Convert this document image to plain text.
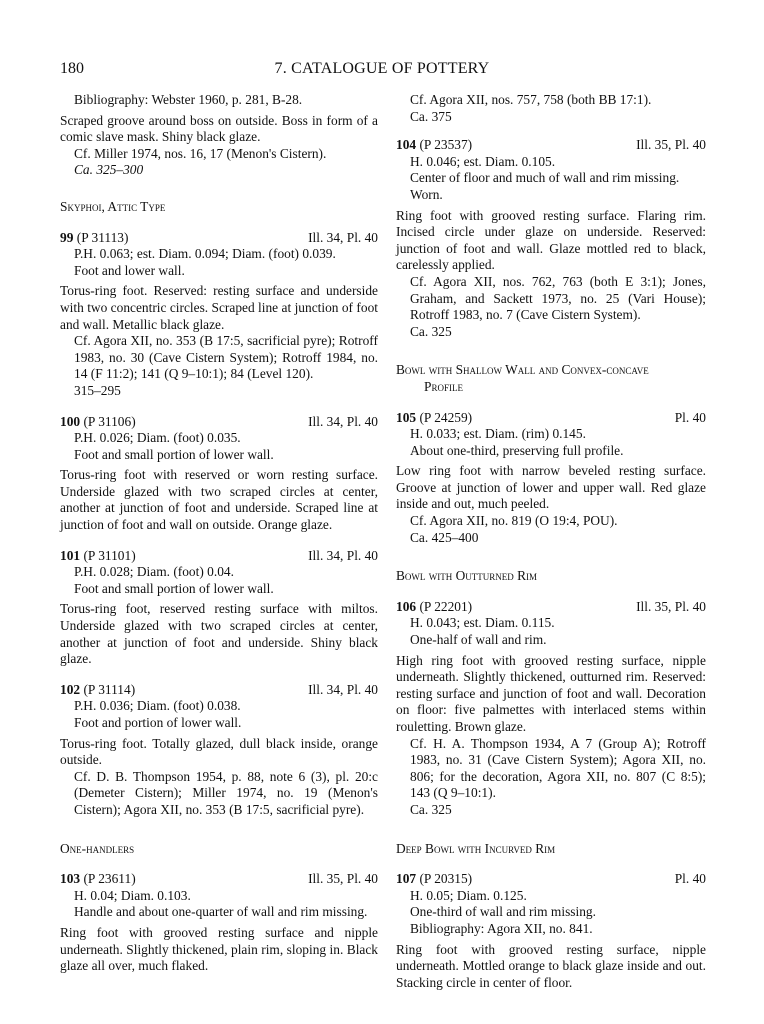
180	7. CATALOGUE OF POTTERY

Bibliography: Webster 1960, p. 281, B-28.

Scraped groove around boss on outside. Boss in form of a comic slave mask. Shiny black glaze.

Cf. Miller 1974, nos. 16, 17 (Menon's Cistern).

Ca. 325–300

Skyphoi, Attic Type

99 (P 31113)	Ill. 34, Pl. 40

P.H. 0.063; est. Diam. 0.094; Diam. (foot) 0.039.

Foot and lower wall.

Torus-ring foot. Reserved: resting surface and underside with two concentric circles. Scraped line at junction of foot and wall. Metallic black glaze.

Cf. Agora XII, no. 353 (B 17:5, sacrificial pyre); Rotroff 1983, no. 30 (Cave Cistern System); Rotroff 1984, no. 14 (F 11:2); 141 (Q 9–10:1); 84 (Level 120).

315–295

100 (P 31106)	Ill. 34, Pl. 40

P.H. 0.026; Diam. (foot) 0.035.

Foot and small portion of lower wall.

Torus-ring foot with reserved or worn resting surface. Underside glazed with two scraped circles at center, another at junction of foot and underside. Scraped line at junction of foot and wall on outside. Orange glaze.

101 (P 31101)	Ill. 34, Pl. 40

P.H. 0.028; Diam. (foot) 0.04.

Foot and small portion of lower wall.

Torus-ring foot, reserved resting surface with miltos. Underside glazed with two scraped circles at center, another at junction of foot and underside. Shiny black glaze.

102 (P 31114)	Ill. 34, Pl. 40

P.H. 0.036; Diam. (foot) 0.038.

Foot and portion of lower wall.

Torus-ring foot. Totally glazed, dull black inside, orange outside.

Cf. D. B. Thompson 1954, p. 88, note 6 (3), pl. 20:c (Demeter Cistern); Miller 1974, no. 19 (Menon's Cistern); Agora XII, no. 353 (B 17:5, sacrificial pyre).

One-handlers

103 (P 23611)	Ill. 35, Pl. 40

H. 0.04; Diam. 0.103.

Handle and about one-quarter of wall and rim missing.

Ring foot with grooved resting surface and nipple underneath. Slightly thickened, plain rim, sloping in. Black glaze all over, much flaked.

Cf. Agora XII, nos. 757, 758 (both BB 17:1).

Ca. 375

104 (P 23537)	Ill. 35, Pl. 40

H. 0.046; est. Diam. 0.105.

Center of floor and much of wall and rim missing. Worn.

Ring foot with grooved resting surface. Flaring rim. Incised circle under glaze on underside. Reserved: junction of foot and wall. Glaze mottled red to black, carelessly applied.

Cf. Agora XII, nos. 762, 763 (both E 3:1); Jones, Graham, and Sackett 1973, no. 25 (Vari House); Rotroff 1983, no. 7 (Cave Cistern System).

Ca. 325

Bowl with Shallow Wall and Convex-concave

Profile

105 (P 24259)	Pl. 40

H. 0.033; est. Diam. (rim) 0.145.

About one-third, preserving full profile.

Low ring foot with narrow beveled resting surface. Groove at junction of lower and upper wall. Red glaze inside and out, much peeled.

Cf. Agora XII, no. 819 (O 19:4, POU).

Ca. 425–400

Bowl with Outturned Rim

106 (P 22201)	Ill. 35, Pl. 40

H. 0.043; est. Diam. 0.115.

One-half of wall and rim.

High ring foot with grooved resting surface, nipple underneath. Slightly thickened, outturned rim. Reserved: resting surface and junction of foot and wall. Decoration on floor: five palmettes with interlaced stems within rouletting. Brown glaze.

Cf. H. A. Thompson 1934, A 7 (Group A); Rotroff 1983, no. 31 (Cave Cistern System); Agora XII, no. 806; for the decoration, Agora XII, no. 807 (C 8:5); 143 (Q 9–10:1).

Ca. 325

Deep Bowl with Incurved Rim

107 (P 20315)	Pl. 40

H. 0.05; Diam. 0.125.

One-third of wall and rim missing.

Bibliography: Agora XII, no. 841.

Ring foot with grooved resting surface, nipple underneath. Mottled orange to black glaze inside and out. Stacking circle in center of floor.
